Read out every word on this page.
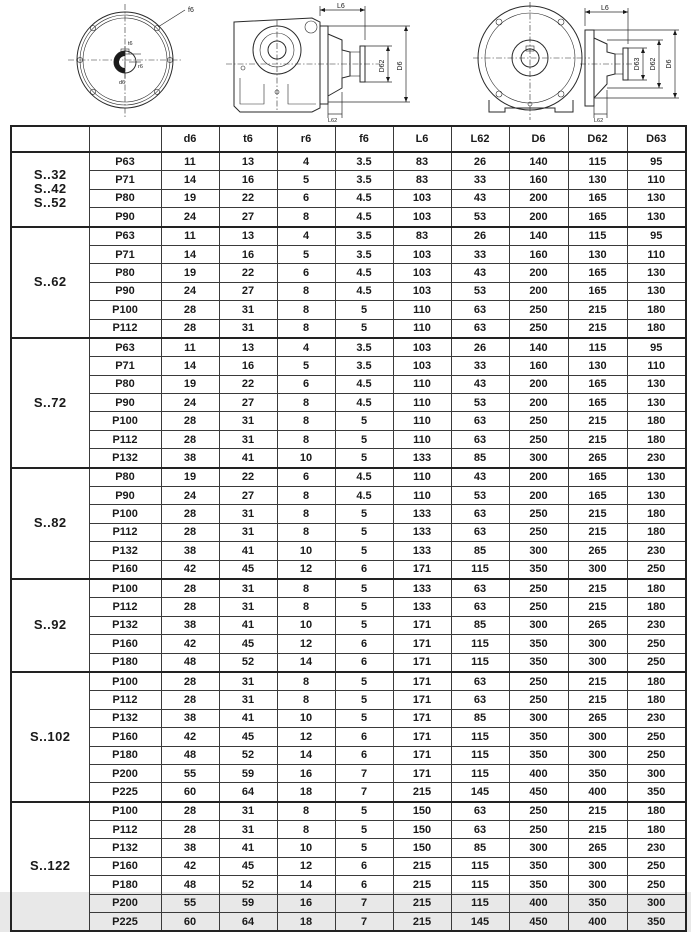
f6
t6
r6
d6
L6
D62 D6
L62
L6
D63 D62 D6
L62
		d6	t6	r6	f6	L6	L62	D6	D62	D63
S..32
S..42
S..52	P63	11	13	4	3.5	83	26	140	115	95
	P71	14	16	5	3.5	83	33	160	130	110
	P80	19	22	6	4.5	103	43	200	165	130
	P90	24	27	8	4.5	103	53	200	165	130
S..62	P63	11	13	4	3.5	83	26	140	115	95
	P71	14	16	5	3.5	103	33	160	130	110
	P80	19	22	6	4.5	103	43	200	165	130
	P90	24	27	8	4.5	103	53	200	165	130
	P100	28	31	8	5	110	63	250	215	180
	P112	28	31	8	5	110	63	250	215	180
S..72	P63	11	13	4	3.5	103	26	140	115	95
	P71	14	16	5	3.5	103	33	160	130	110
	P80	19	22	6	4.5	110	43	200	165	130
	P90	24	27	8	4.5	110	53	200	165	130
	P100	28	31	8	5	110	63	250	215	180
	P112	28	31	8	5	110	63	250	215	180
	P132	38	41	10	5	133	85	300	265	230
S..82	P80	19	22	6	4.5	110	43	200	165	130
	P90	24	27	8	4.5	110	53	200	165	130
	P100	28	31	8	5	133	63	250	215	180
	P112	28	31	8	5	133	63	250	215	180
	P132	38	41	10	5	133	85	300	265	230
	P160	42	45	12	6	171	115	350	300	250
S..92	P100	28	31	8	5	133	63	250	215	180
	P112	28	31	8	5	133	63	250	215	180
	P132	38	41	10	5	171	85	300	265	230
	P160	42	45	12	6	171	115	350	300	250
	P180	48	52	14	6	171	115	350	300	250
S..102	P100	28	31	8	5	171	63	250	215	180
	P112	28	31	8	5	171	63	250	215	180
	P132	38	41	10	5	171	85	300	265	230
	P160	42	45	12	6	171	115	350	300	250
	P180	48	52	14	6	171	115	350	300	250
	P200	55	59	16	7	171	115	400	350	300
	P225	60	64	18	7	215	145	450	400	350
S..122	P100	28	31	8	5	150	63	250	215	180
	P112	28	31	8	5	150	63	250	215	180
	P132	38	41	10	5	150	85	300	265	230
	P160	42	45	12	6	215	115	350	300	250
	P180	48	52	14	6	215	115	350	300	250
	P200	55	59	16	7	215	115	400	350	300
	P225	60	64	18	7	215	145	450	400	350
